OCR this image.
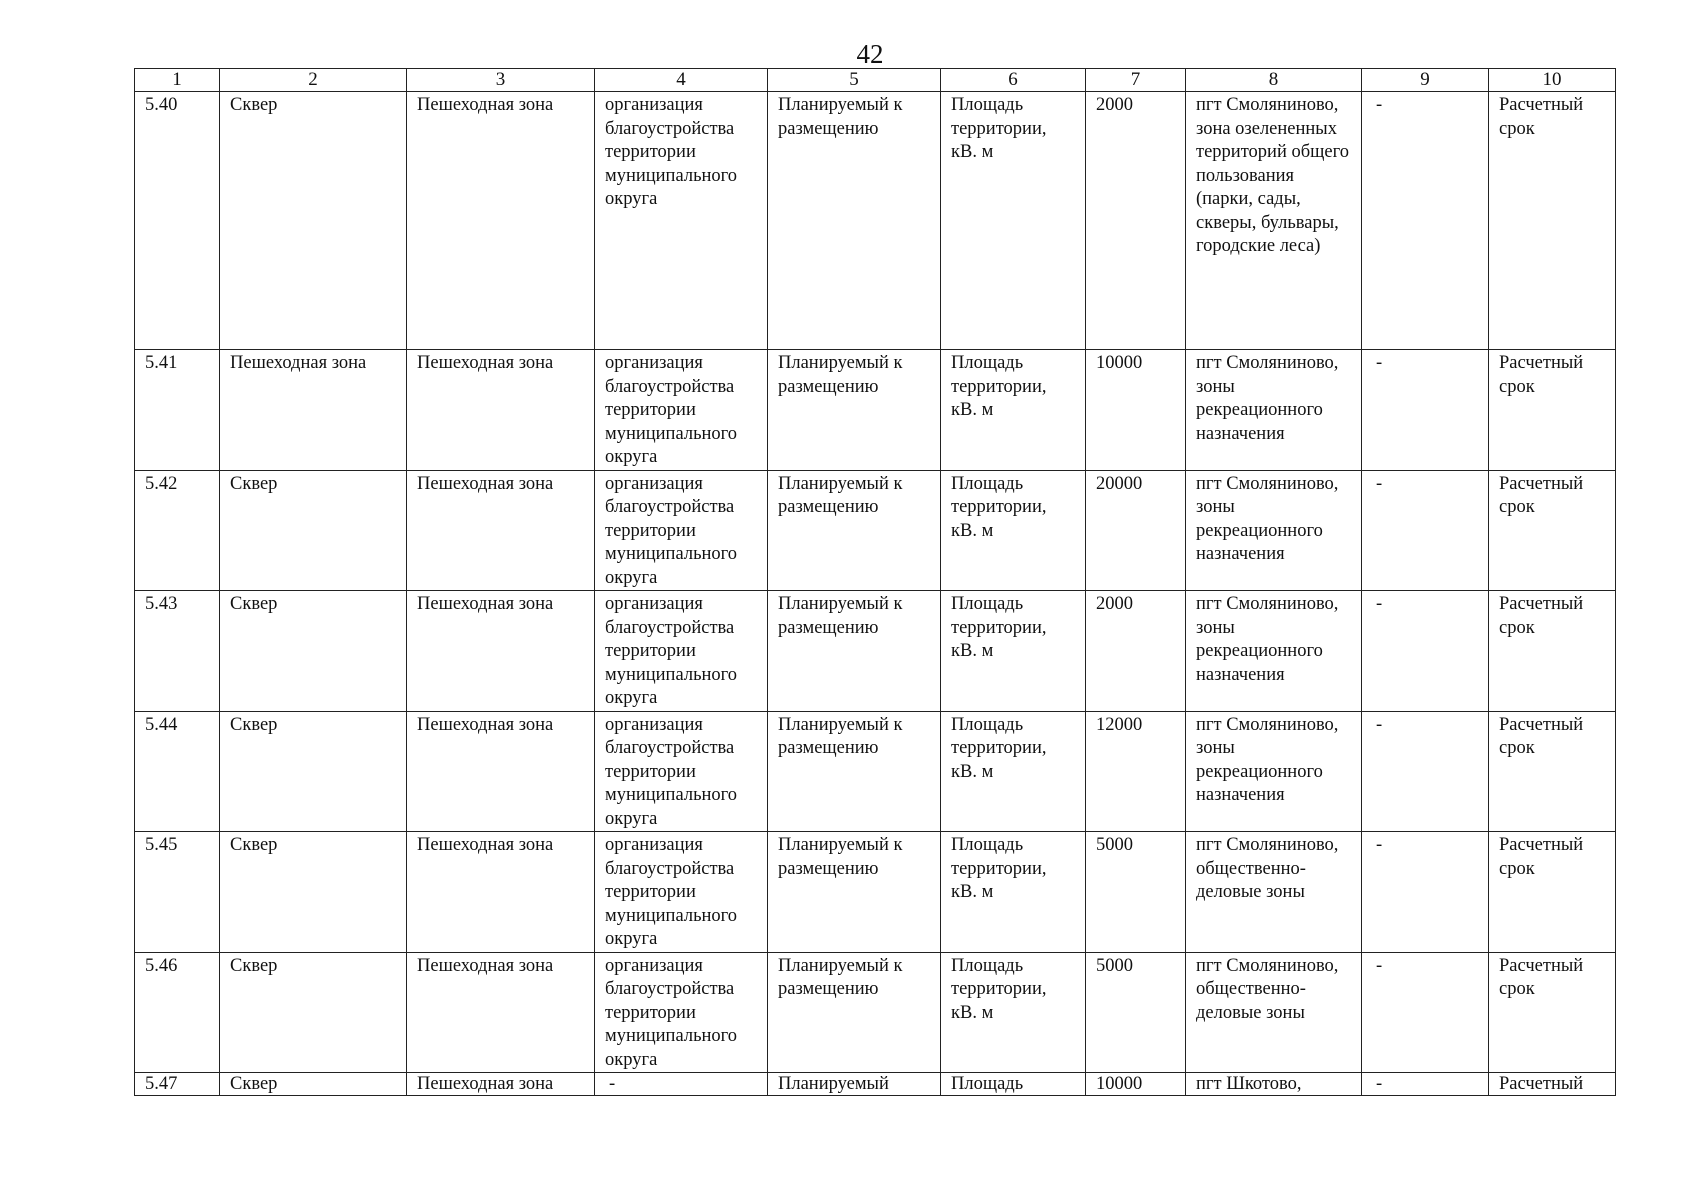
42
1	2	3	4	5	6	7	8	9	10
5.40	Сквер	Пешеходная зона	организация благоустройства территории муниципального округа	Планируемый к размещению	Площадь территории, кВ. м	2000	пгт Смоляниново, зона озелененных территорий общего пользования (парки, сады, скверы, бульвары, городские леса)	-	Расчетный срок
5.41	Пешеходная зона	Пешеходная зона	организация благоустройства территории муниципального округа	Планируемый к размещению	Площадь территории, кВ. м	10000	пгт Смоляниново, зоны рекреационного назначения	-	Расчетный срок
5.42	Сквер	Пешеходная зона	организация благоустройства территории муниципального округа	Планируемый к размещению	Площадь территории, кВ. м	20000	пгт Смоляниново, зоны рекреационного назначения	-	Расчетный срок
5.43	Сквер	Пешеходная зона	организация благоустройства территории муниципального округа	Планируемый к размещению	Площадь территории, кВ. м	2000	пгт Смоляниново, зоны рекреационного назначения	-	Расчетный срок
5.44	Сквер	Пешеходная зона	организация благоустройства территории муниципального округа	Планируемый к размещению	Площадь территории, кВ. м	12000	пгт Смоляниново, зоны рекреационного назначения	-	Расчетный срок
5.45	Сквер	Пешеходная зона	организация благоустройства территории муниципального округа	Планируемый к размещению	Площадь территории, кВ. м	5000	пгт Смоляниново, общественно-деловые зоны	-	Расчетный срок
5.46	Сквер	Пешеходная зона	организация благоустройства территории муниципального округа	Планируемый к размещению	Площадь территории, кВ. м	5000	пгт Смоляниново, общественно-деловые зоны	-	Расчетный срок
5.47	Сквер	Пешеходная зона	-	Планируемый	Площадь	10000	пгт Шкотово,	-	Расчетный
